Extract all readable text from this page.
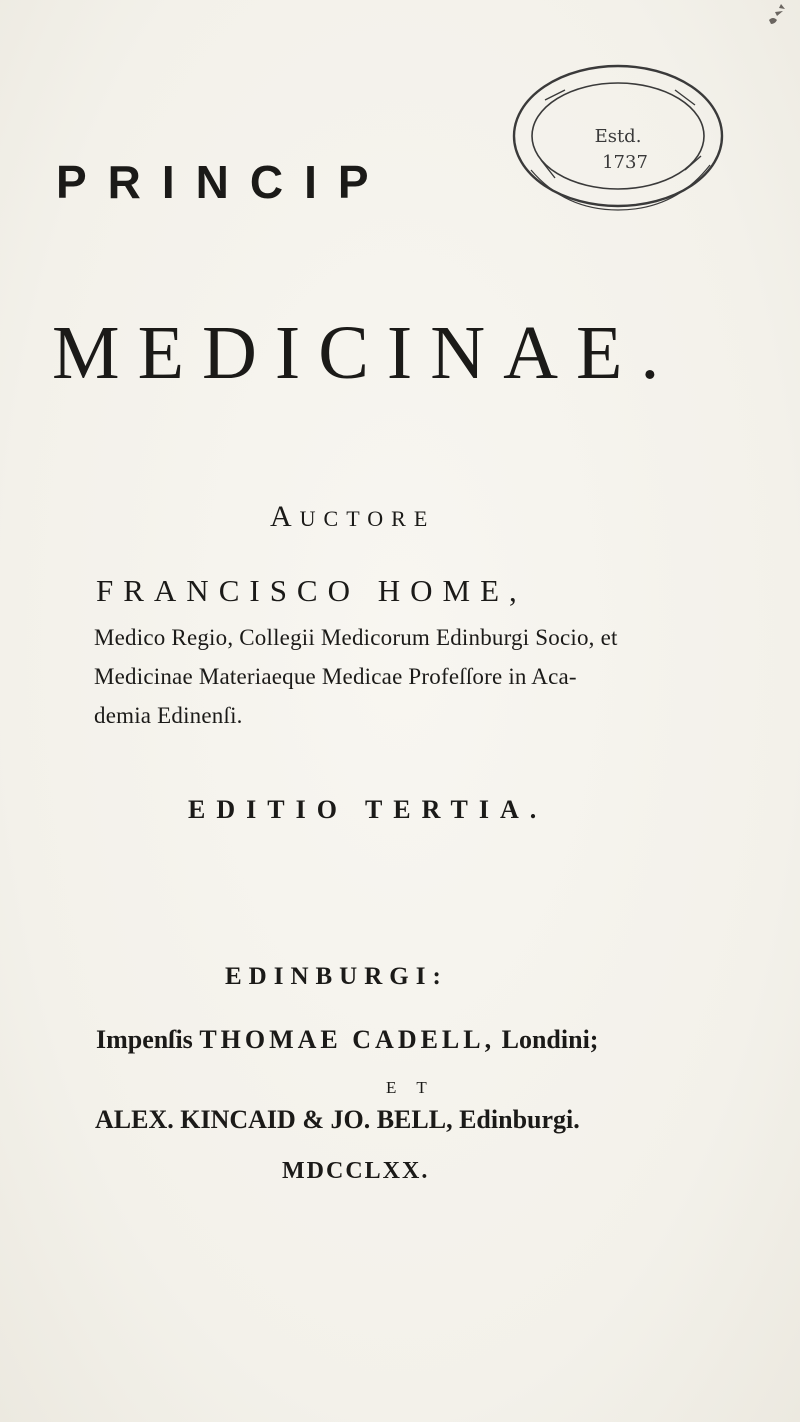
PRINCIP
Estd.
1737
MEDICINAE.
AUCTORE
FRANCISCO HOME,
Medico Regio, Collegii Medicorum Edinburgi Socio, et
Medicinae Materiaeque Medicae Profeſſore in Aca-
demia Edinenſi.
EDITIO TERTIA.
EDINBURGI:
Impenſis THOMAE CADELL, Londini;
E T
ALEX. KINCAID & JO. BELL, Edinburgi.
MDCCLXX.
